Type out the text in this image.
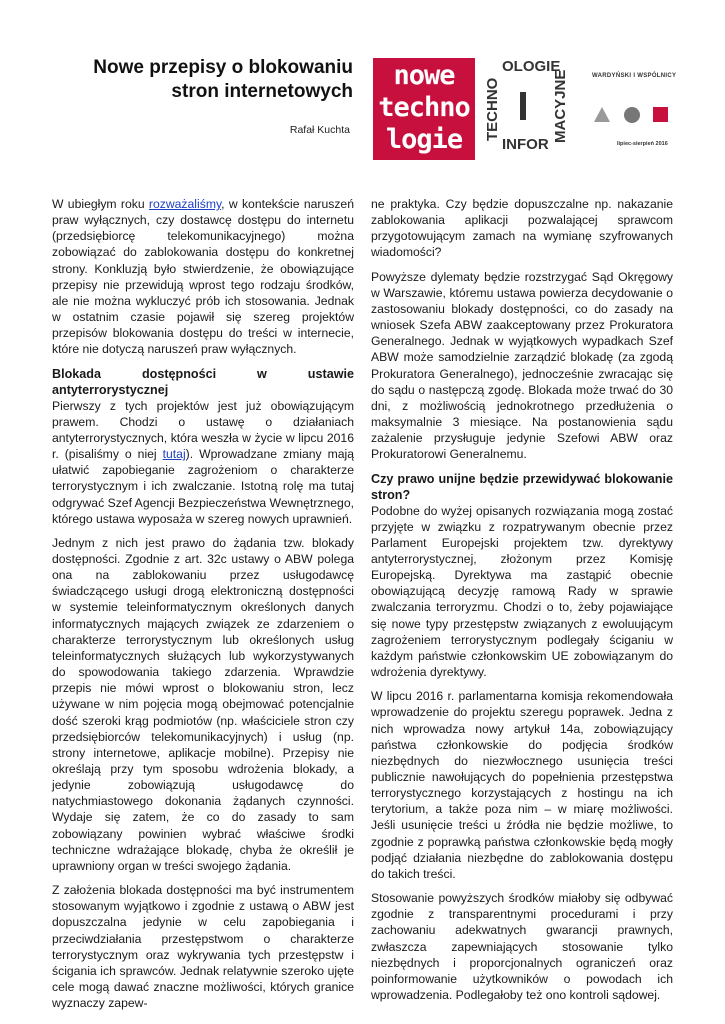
Nowe przepisy o blokowaniu stron internetowych
Rafał Kuchta
nowe
techno
logie
OLOGIE
TECHNO	MACYJNE
INFOR
WARDYŃSKI I WSPÓLNICY
lipiec-sierpień 2016

W ubiegłym roku rozważaliśmy, w kontekście naruszeń praw wyłącznych, czy dostawcę dostępu do internetu (przedsiębiorcę telekomunikacyjnego) można zobowiązać do zablokowania dostępu do konkretnej strony. Konkluzją było stwierdzenie, że obowiązujące przepisy nie przewidują wprost tego rodzaju środków, ale nie można wykluczyć prób ich stosowania. Jednak w ostatnim czasie pojawił się szereg projektów przepisów blokowania dostępu do treści w internecie, które nie dotyczą naruszeń praw wyłącznych.

Blokada dostępności w ustawie antyterrorystycznej

Pierwszy z tych projektów jest już obowiązującym prawem. Chodzi o ustawę o działaniach antyterrorystycznych, która weszła w życie w lipcu 2016 r. (pisaliśmy o niej tutaj). Wprowadzane zmiany mają ułatwić zapobieganie zagrożeniom o charakterze terrorystycznym i ich zwalczanie. Istotną rolę ma tutaj odgrywać Szef Agencji Bezpieczeństwa Wewnętrznego, którego ustawa wyposaża w szereg nowych uprawnień.

Jednym z nich jest prawo do żądania tzw. blokady dostępności. Zgodnie z art. 32c ustawy o ABW polega ona na zablokowaniu przez usługodawcę świadczącego usługi drogą elektroniczną dostępności w systemie teleinformatycznym określonych danych informatycznych mających związek ze zdarzeniem o charakterze terrorystycznym lub określonych usług teleinformatycznych służących lub wykorzystywanych do spowodowania takiego zdarzenia. Wprawdzie przepis nie mówi wprost o blokowaniu stron, lecz używane w nim pojęcia mogą obejmować potencjalnie dość szeroki krąg podmiotów (np. właściciele stron czy przedsiębiorców telekomunikacyjnych) i usług (np. strony internetowe, aplikacje mobilne). Przepisy nie określają przy tym sposobu wdrożenia blokady, a jedynie zobowiązują usługodawcę do natychmiastowego dokonania żądanych czynności. Wydaje się zatem, że co do zasady to sam zobowiązany powinien wybrać właściwe środki techniczne wdrażające blokadę, chyba że określił je uprawniony organ w treści swojego żądania.

Z założenia blokada dostępności ma być instrumentem stosowanym wyjątkowo i zgodnie z ustawą o ABW jest dopuszczalna jedynie w celu zapobiegania i przeciwdziałania przestępstwom o charakterze terrorystycznym oraz wykrywania tych przestępstw i ścigania ich sprawców. Jednak relatywnie szeroko ujęte cele mogą dawać znaczne możliwości, których granice wyznaczy zapew-

ne praktyka. Czy będzie dopuszczalne np. nakazanie zablokowania aplikacji pozwalającej sprawcom przygotowującym zamach na wymianę szyfrowanych wiadomości?

Powyższe dylematy będzie rozstrzygać Sąd Okręgowy w Warszawie, któremu ustawa powierza decydowanie o zastosowaniu blokady dostępności, co do zasady na wniosek Szefa ABW zaakceptowany przez Prokuratora Generalnego. Jednak w wyjątkowych wypadkach Szef ABW może samodzielnie zarządzić blokadę (za zgodą Prokuratora Generalnego), jednocześnie zwracając się do sądu o następczą zgodę. Blokada może trwać do 30 dni, z możliwością jednokrotnego przedłużenia o maksymalnie 3 miesiące. Na postanowienia sądu zażalenie przysługuje jedynie Szefowi ABW oraz Prokuratorowi Generalnemu.

Czy prawo unijne będzie przewidywać blokowanie stron?

Podobne do wyżej opisanych rozwiązania mogą zostać przyjęte w związku z rozpatrywanym obecnie przez Parlament Europejski projektem tzw. dyrektywy antyterrorystycznej, złożonym przez Komisję Europejską. Dyrektywa ma zastąpić obecnie obowiązującą decyzję ramową Rady w sprawie zwalczania terroryzmu. Chodzi o to, żeby pojawiające się nowe typy przestępstw związanych z ewoluującym zagrożeniem terrorystycznym podlegały ściganiu w każdym państwie członkowskim UE zobowiązanym do wdrożenia dyrektywy.

W lipcu 2016 r. parlamentarna komisja rekomendowała wprowadzenie do projektu szeregu poprawek. Jedna z nich wprowadza nowy artykuł 14a, zobowiązujący państwa członkowskie do podjęcia środków niezbędnych do niezwłocznego usunięcia treści publicznie nawołujących do popełnienia przestępstwa terrorystycznego korzystających z hostingu na ich terytorium, a także poza nim – w miarę możliwości. Jeśli usunięcie treści u źródła nie będzie możliwe, to zgodnie z poprawką państwa członkowskie będą mogły podjąć działania niezbędne do zablokowania dostępu do takich treści.

Stosowanie powyższych środków miałoby się odbywać zgodnie z transparentnymi procedurami i przy zachowaniu adekwatnych gwarancji prawnych, zwłaszcza zapewniających stosowanie tylko niezbędnych i proporcjonalnych ograniczeń oraz poinformowanie użytkowników o powodach ich wprowadzenia. Podlegałoby też ono kontroli sądowej.
